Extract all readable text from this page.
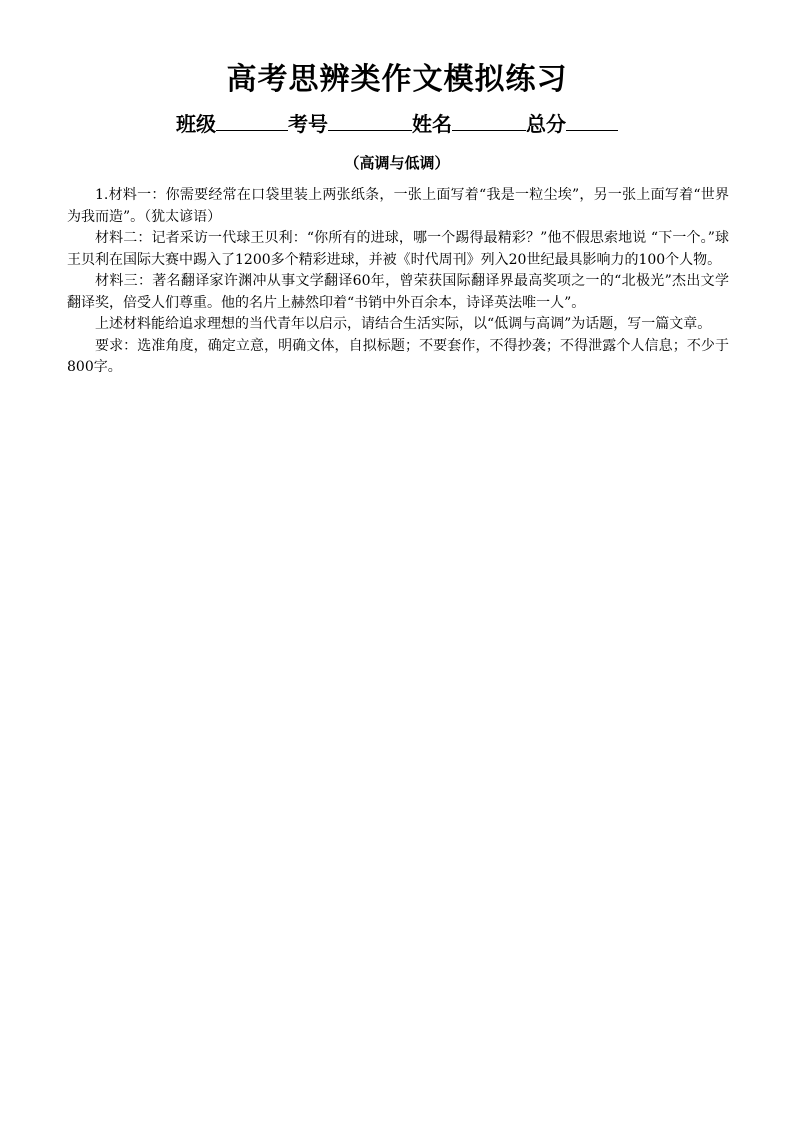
高考思辨类作文模拟练习
班级	考号	姓名	总分
（高调与低调）

1.材料一：你需要经常在口袋里装上两张纸条，一张上面写着“我是一粒尘埃”，另一张上面写着“世界为我而造”。（犹太谚语）

材料二：记者采访一代球王贝利：“你所有的进球，哪一个踢得最精彩？”他不假思索地说 “下一个。”球王贝利在国际大赛中踢入了1200多个精彩进球，并被《时代周刊》列入20世纪最具影响力的100个人物。

材料三：著名翻译家许渊冲从事文学翻译60年，曾荣获国际翻译界最高奖项之一的“北极光”杰出文学翻译奖，倍受人们尊重。他的名片上赫然印着“书销中外百余本，诗译英法唯一人”。

上述材料能给追求理想的当代青年以启示，请结合生活实际，以“低调与高调”为话题，写一篇文章。

要求：选准角度，确定立意，明确文体，自拟标题；不要套作，不得抄袭；不得泄露个人信息；不少于800字。
